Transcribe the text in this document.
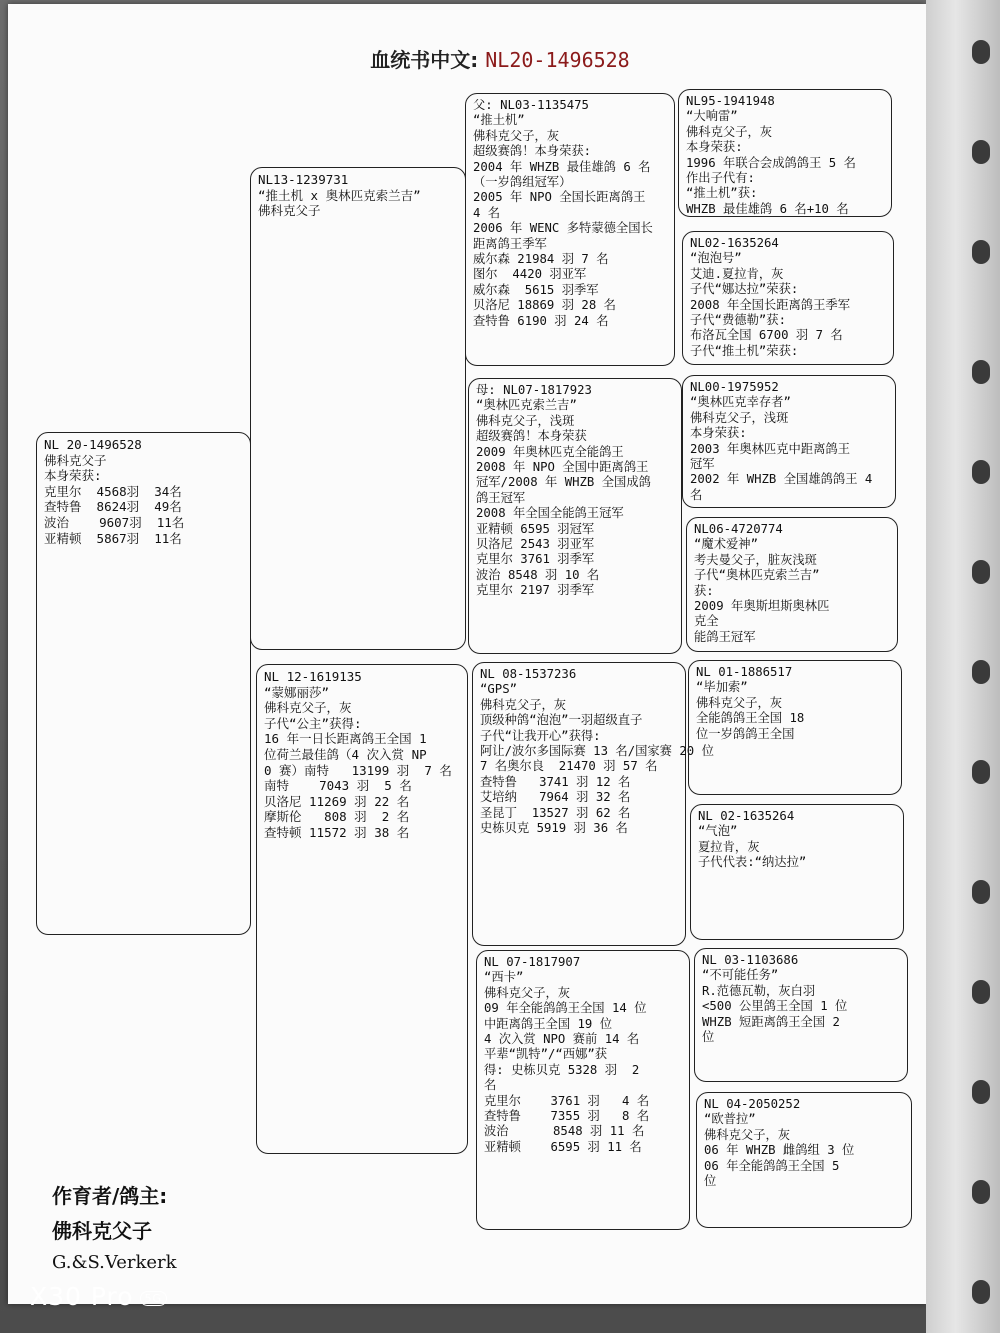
血统书中文: NL20-1496528
NL 20-1496528
佛科克父子
本身荣获:
克里尔  4568羽  34名
查特鲁  8624羽  49名
波治    9607羽  11名
亚精顿  5867羽  11名
NL13-1239731
“推土机 x 奥林匹克索兰吉”
佛科克父子
NL 12-1619135
“蒙娜丽莎”
佛科克父子，灰
子代“公主”获得:
16 年一日长距离鸽王全国 1
位荷兰最佳鸽（4 次入赏 NP
0 赛）南特   13199 羽  7 名
南特    7043 羽  5 名
贝洛尼 11269 羽 22 名
摩斯伦   808 羽  2 名
查特顿 11572 羽 38 名
父: NL03-1135475
“推土机”
佛科克父子，灰
超级赛鸽！本身荣获:
2004 年 WHZB 最佳雄鸽 6 名
（一岁鸽组冠军）
2005 年 NPO 全国长距离鸽王
4 名
2006 年 WENC 多特蒙德全国长
距离鸽王季军
威尔森 21984 羽 7 名
图尔  4420 羽亚军
威尔森  5615 羽季军
贝洛尼 18869 羽 28 名
查特鲁 6190 羽 24 名
母: NL07-1817923
“奥林匹克索兰吉”
佛科克父子，浅斑
超级赛鸽！本身荣获
2009 年奥林匹克全能鸽王
2008 年 NPO 全国中距离鸽王
冠军/2008 年 WHZB 全国成鸽
鸽王冠军
2008 年全国全能鸽王冠军
亚精顿 6595 羽冠军
贝洛尼 2543 羽亚军
克里尔 3761 羽季军
波治 8548 羽 10 名
克里尔 2197 羽季军
NL 08-1537236
“GPS”
佛科克父子，灰
顶级种鸽“泡泡”一羽超级直子
子代“让我开心”获得:
阿让/波尔多国际赛 13 名/国家赛 20 位
7 名奥尔良  21470 羽 57 名
查特鲁   3741 羽 12 名
艾培纳   7964 羽 32 名
圣昆丁  13527 羽 62 名
史栋贝克 5919 羽 36 名
NL 07-1817907
“西卡”
佛科克父子，灰
09 年全能鸽鸽王全国 14 位
中距离鸽王全国 19 位
4 次入赏 NPO 赛前 14 名
平辈“凯特”/“西娜”获
得: 史栋贝克 5328 羽  2
名
克里尔    3761 羽   4 名
查特鲁    7355 羽   8 名
波治      8548 羽 11 名
亚精顿    6595 羽 11 名
NL95-1941948
“大响雷”
佛科克父子，灰
本身荣获:
1996 年联合会成鸽鸽王 5 名
作出子代有:
“推土机”获:
WHZB 最佳雄鸽 6 名+10 名
NL02-1635264
“泡泡号”
艾迪.夏拉肯，灰
子代“娜达拉”荣获:
2008 年全国长距离鸽王季军
子代“费德勒”获:
布洛瓦全国 6700 羽 7 名
子代“推土机”荣获:
NL00-1975952
“奥林匹克幸存者”
佛科克父子，浅斑
本身荣获:
2003 年奥林匹克中距离鸽王
冠军
2002 年 WHZB 全国雄鸽鸽王 4
名
NL06-4720774
“魔术爱神”
考夫曼父子，脏灰浅斑
子代“奥林匹克索兰吉”
获:
2009 年奥斯坦斯奥林匹
克全
能鸽王冠军
NL 01-1886517
“毕加索”
佛科克父子，灰
全能鸽鸽王全国 18
位一岁鸽鸽王全国
NL 02-1635264
“气泡”
夏拉肯，灰
子代代表:“纳达拉”
NL 03-1103686
“不可能任务”
R.范德瓦勒，灰白羽
<500 公里鸽王全国 1 位
WHZB 短距离鸽王全国 2
位
NL 04-2050252
“欧普拉”
佛科克父子，灰
06 年 WHZB 雌鸽组 3 位
06 年全能鸽鸽王全国 5
位
作育者/鸽主:
佛科克父子
G.&S.Verkerk
X30 Pro 5G
